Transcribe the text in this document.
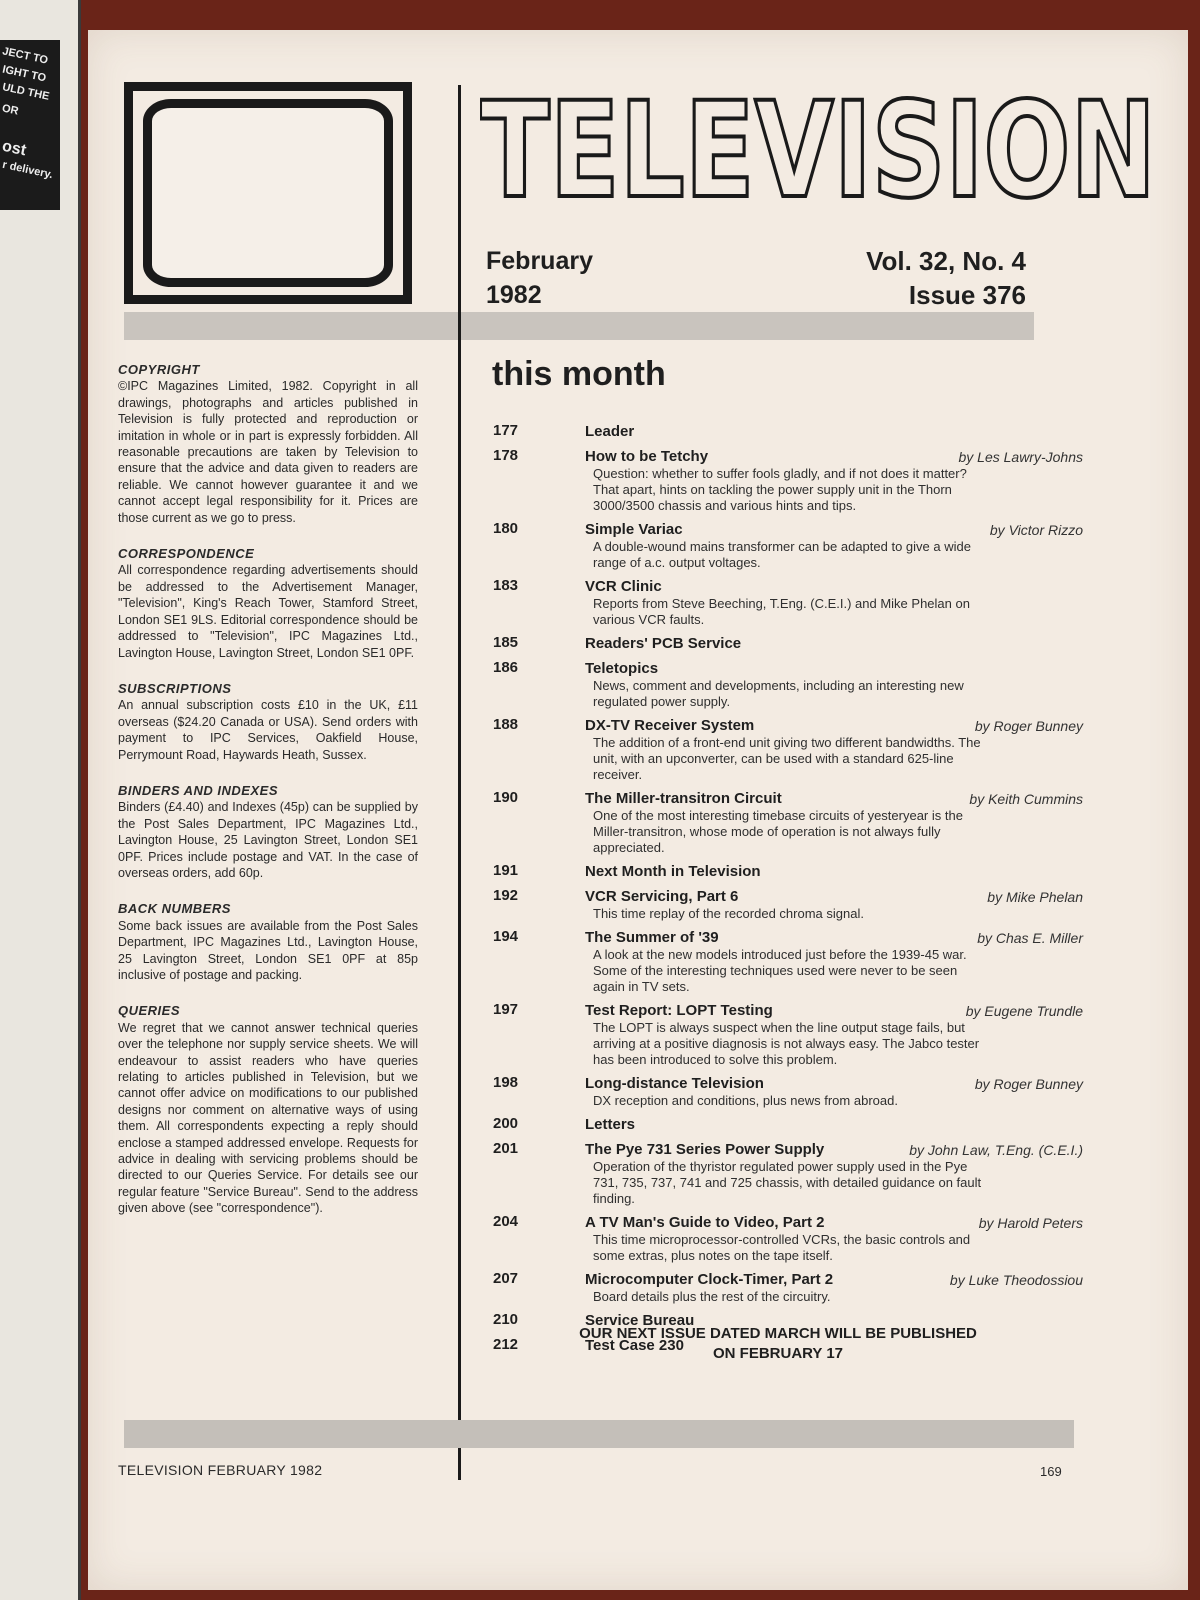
JECT TO
IGHT TO
ULD THE
OR
ost
r delivery.	TELEVISION
February
1982
Vol. 32, No. 4
Issue 376
this month
COPYRIGHT

©IPC Magazines Limited, 1982. Copyright in all drawings, photographs and articles published in Television is fully protected and reproduction or imitation in whole or in part is expressly forbidden. All reasonable precautions are taken by Television to ensure that the advice and data given to readers are reliable. We cannot however guarantee it and we cannot accept legal responsibility for it. Prices are those current as we go to press.

CORRESPONDENCE

All correspondence regarding advertisements should be addressed to the Advertisement Manager, "Television", King's Reach Tower, Stamford Street, London SE1 9LS. Editorial correspondence should be addressed to "Television", IPC Magazines Ltd., Lavington House, Lavington Street, London SE1 0PF.

SUBSCRIPTIONS

An annual subscription costs £10 in the UK, £11 overseas ($24.20 Canada or USA). Send orders with payment to IPC Services, Oakfield House, Perrymount Road, Haywards Heath, Sussex.

BINDERS AND INDEXES

Binders (£4.40) and Indexes (45p) can be supplied by the Post Sales Department, IPC Magazines Ltd., Lavington House, 25 Lavington Street, London SE1 0PF. Prices include postage and VAT. In the case of overseas orders, add 60p.

BACK NUMBERS

Some back issues are available from the Post Sales Department, IPC Magazines Ltd., Lavington House, 25 Lavington Street, London SE1 0PF at 85p inclusive of postage and packing.

QUERIES

We regret that we cannot answer technical queries over the telephone nor supply service sheets. We will endeavour to assist readers who have queries relating to articles published in Television, but we cannot offer advice on modifications to our published designs nor comment on alternative ways of using them. All correspondents expecting a reply should enclose a stamped addressed envelope. Requests for advice in dealing with servicing problems should be directed to our Queries Service. For details see our regular feature "Service Bureau". Send to the address given above (see "correspondence").

177	Leader
178	How to be Tetchy	by Les Lawry-Johns
Question: whether to suffer fools gladly, and if not does it matter? That apart, hints on tackling the power supply unit in the Thorn 3000/3500 chassis and various hints and tips.
180	Simple Variac	by Victor Rizzo
A double-wound mains transformer can be adapted to give a wide range of a.c. output voltages.
183	VCR Clinic
Reports from Steve Beeching, T.Eng. (C.E.I.) and Mike Phelan on various VCR faults.
185	Readers' PCB Service
186	Teletopics
News, comment and developments, including an interesting new regulated power supply.
188	DX-TV Receiver System	by Roger Bunney
The addition of a front-end unit giving two different bandwidths. The unit, with an upconverter, can be used with a standard 625-line receiver.
190	The Miller-transitron Circuit	by Keith Cummins
One of the most interesting timebase circuits of yesteryear is the Miller-transitron, whose mode of operation is not always fully appreciated.
191	Next Month in Television
192	VCR Servicing, Part 6	by Mike Phelan
This time replay of the recorded chroma signal.
194	The Summer of '39	by Chas E. Miller
A look at the new models introduced just before the 1939-45 war. Some of the interesting techniques used were never to be seen again in TV sets.
197	Test Report: LOPT Testing	by Eugene Trundle
The LOPT is always suspect when the line output stage fails, but arriving at a positive diagnosis is not always easy. The Jabco tester has been introduced to solve this problem.
198	Long-distance Television	by Roger Bunney
DX reception and conditions, plus news from abroad.
200	Letters
201	The Pye 731 Series Power Supply	by John Law, T.Eng. (C.E.I.)
Operation of the thyristor regulated power supply used in the Pye 731, 735, 737, 741 and 725 chassis, with detailed guidance on fault finding.
204	A TV Man's Guide to Video, Part 2	by Harold Peters
This time microprocessor-controlled VCRs, the basic controls and some extras, plus notes on the tape itself.
207	Microcomputer Clock-Timer, Part 2	by Luke Theodossiou
Board details plus the rest of the circuitry.
210	Service Bureau
212	Test Case 230
OUR NEXT ISSUE DATED MARCH WILL BE PUBLISHED ON FEBRUARY 17
TELEVISION FEBRUARY 1982	169
